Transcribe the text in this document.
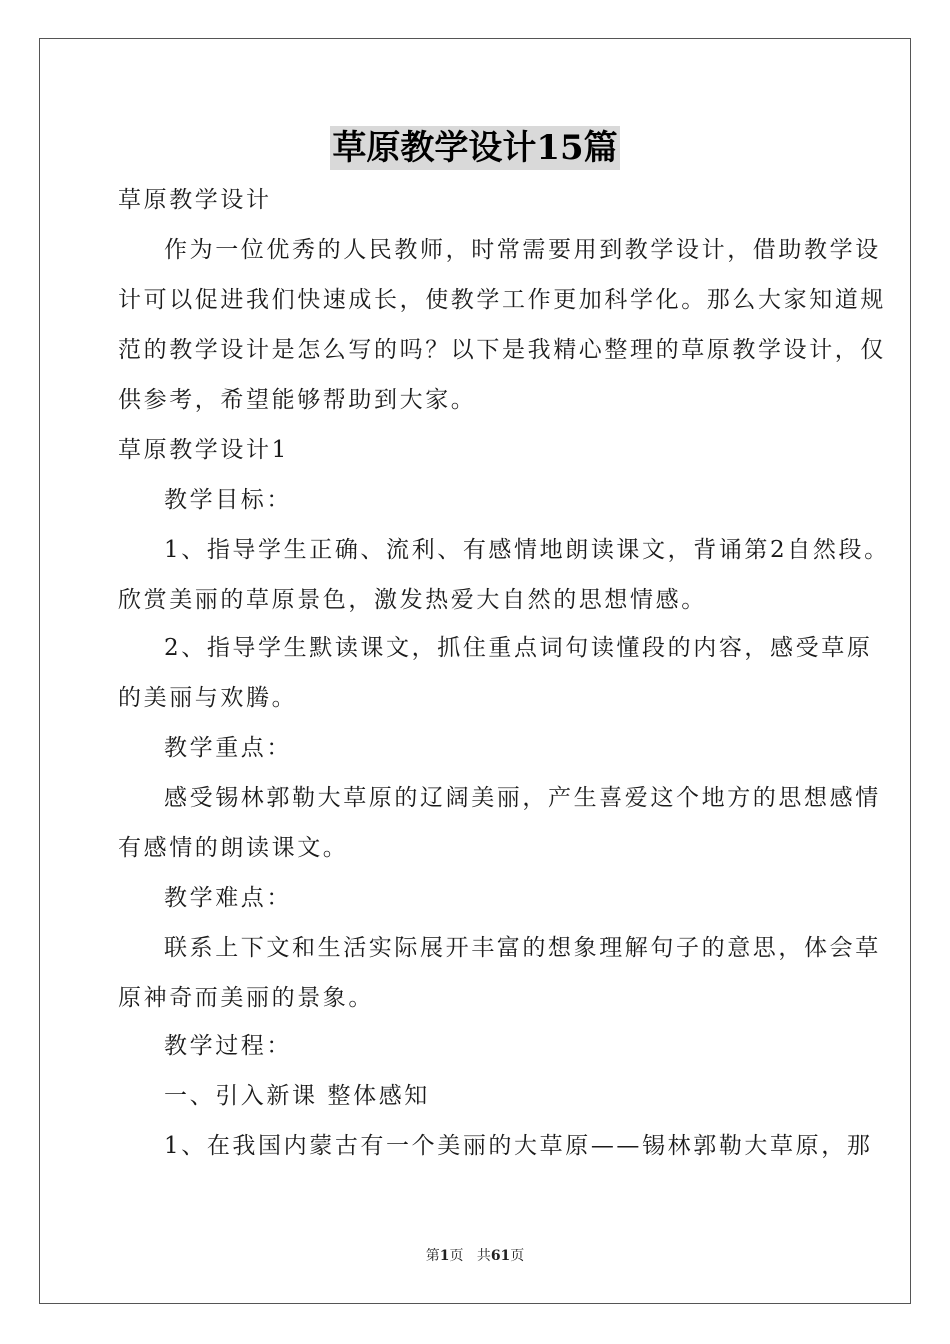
草原教学设计15篇

草原教学设计

作为一位优秀的人民教师，时常需要用到教学设计，借助教学设

计可以促进我们快速成长，使教学工作更加科学化。那么大家知道规

范的教学设计是怎么写的吗？以下是我精心整理的草原教学设计，仅

供参考，希望能够帮助到大家。

草原教学设计1

教学目标：

1、指导学生正确、流利、有感情地朗读课文，背诵第2自然段。

欣赏美丽的草原景色，激发热爱大自然的思想情感。

2、指导学生默读课文，抓住重点词句读懂段的内容，感受草原

的美丽与欢腾。

教学重点：

感受锡林郭勒大草原的辽阔美丽，产生喜爱这个地方的思想感情

有感情的朗读课文。

教学难点：

联系上下文和生活实际展开丰富的想象理解句子的意思，体会草

原神奇而美丽的景象。

教学过程：

一、引入新课 整体感知

1、在我国内蒙古有一个美丽的大草原——锡林郭勒大草原，那

第1页 共61页
